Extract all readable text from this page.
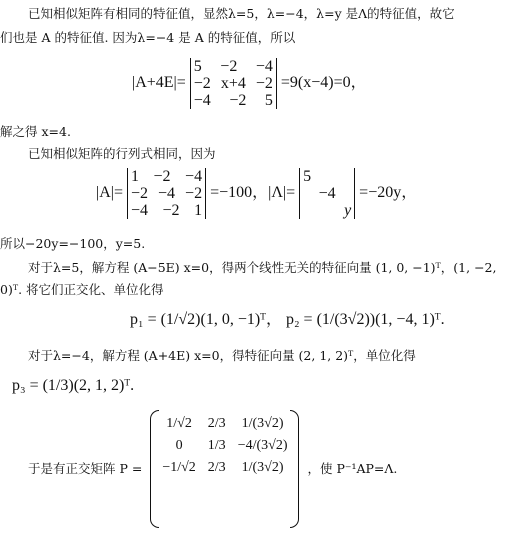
已知相似矩阵有相同的特征值，显然λ=5，λ=−4，λ=y 是Λ的特征值，故它
们也是 A 的特征值. 因为λ=−4 是 A 的特征值，所以
|A+4E|=
5 −2 −4
−2 x+4 −2
−4 −2 5
=9(x−4)=0，
解之得 x=4.
已知相似矩阵的行列式相同，因为
|A|=
1 −2 −4
−2 −4 −2
−4 −2 1
=−100，|Λ|=
5
−4
y
=−20y，
所以−20y=−100，y=5.
对于λ=5，解方程 (A−5E) x=0，得两个线性无关的特征向量 (1, 0, −1)ᵀ，(1, −2,
0)ᵀ. 将它们正交化、单位化得
p₁ = (1/√2)(1, 0, −1)ᵀ， p₂ = (1/(3√2))(1, −4, 1)ᵀ.
对于λ=−4，解方程 (A+4E) x=0，得特征向量 (2, 1, 2)ᵀ，单位化得
p₃ = (1/3)(2, 1, 2)ᵀ.
于是有正交矩阵 P =
1/√2 2/3 1/(3√2)
0	1/3 −4/(3√2)
−1/√2 2/3 1/(3√2)	，使 P⁻¹AP=Λ.
